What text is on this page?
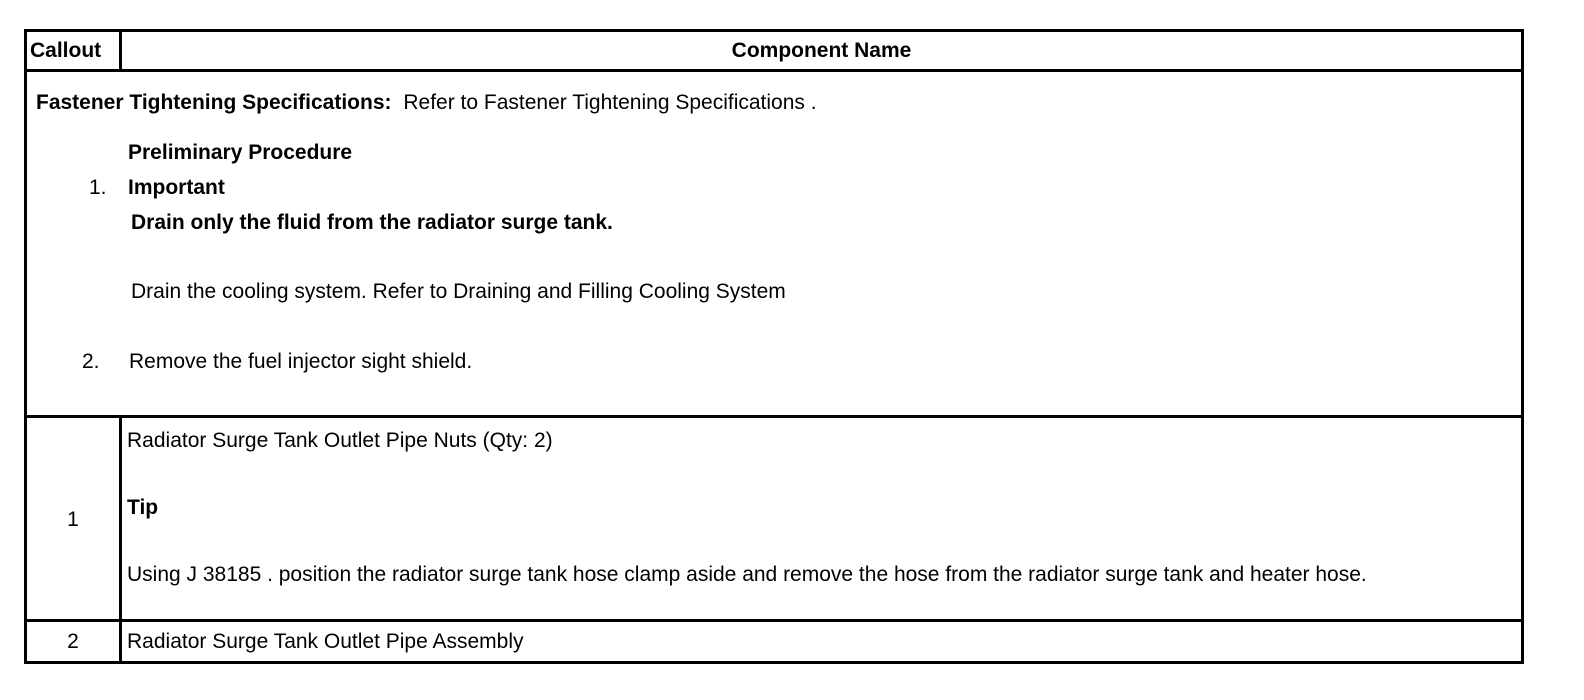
Callout	Component Name
Fastener Tightening Specifications: Refer to Fastener Tightening Specifications .
Preliminary Procedure
1. Important
Drain only the fluid from the radiator surge tank.
Drain the cooling system. Refer to Draining and Filling Cooling System
2. Remove the fuel injector sight shield.
1
Radiator Surge Tank Outlet Pipe Nuts (Qty: 2)
Tip
Using J 38185 . position the radiator surge tank hose clamp aside and remove the hose from the radiator surge tank and heater hose.
2	Radiator Surge Tank Outlet Pipe Assembly
